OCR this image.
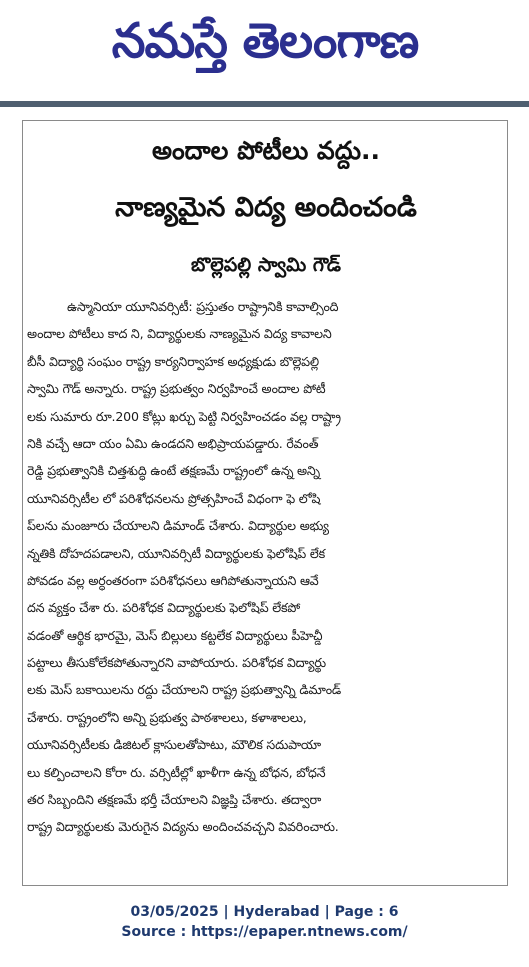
నమస్తే తెలంగాణ
అందాల పోటీలు వద్దు..
నాణ్యమైన విద్య అందించండి
బొల్లెపల్లి స్వామి గౌడ్
ఉస్మానియా యూనివర్సిటీ: ప్రస్తుతం రాష్ట్రానికి కావాల్సింది
అందాల పోటీలు కాద ని, విద్యార్థులకు నాణ్యమైన విద్య కావాలని
బీసీ విద్యార్థి సంఘం రాష్ట్ర కార్యనిర్వాహక అధ్యక్షుడు బొల్లెపల్లి
స్వామి గౌడ్ అన్నారు. రాష్ట్ర ప్రభుత్వం నిర్వహించే అందాల పోటీ
లకు సుమారు రూ.200 కోట్లు ఖర్చు పెట్టి నిర్వహించడం వల్ల రాష్ట్రా
నికి వచ్చే ఆదా యం ఏమి ఉండదని అభిప్రాయపడ్డారు. రేవంత్
రెడ్డి ప్రభుత్వానికి చిత్తశుద్ధి ఉంటే తక్షణమే రాష్ట్రంలో ఉన్న అన్ని
యూనివర్సిటీల లో పరిశోధనలను ప్రోత్సహించే విధంగా ఫె లోషి
ప్‌లను మంజూరు చేయాలని డిమాండ్ చేశారు. విద్యార్థుల అభ్యు
న్నతికి దోహదపడాలని, యూనివర్సిటీ విద్యార్థులకు ఫెలోషిప్ లేక
పోవడం వల్ల అర్ధంతరంగా పరిశోధనలు ఆగిపోతున్నాయని ఆవే
దన వ్యక్తం చేశా రు. పరిశోధక విద్యార్థులకు ఫెలోషిప్ లేకపో
వడంతో ఆర్థిక భారమై, మెస్ బిల్లులు కట్టలేక విద్యార్థులు పీహెచ్డీ
పట్టాలు తీసుకోలేకపోతున్నారని వాపోయారు. పరిశోధక విద్యార్థు
లకు మెస్ బకాయిలను రద్దు చేయాలని రాష్ట్ర ప్రభుత్వాన్ని డిమాండ్
చేశారు. రాష్ట్రంలోని అన్ని ప్రభుత్వ పాఠశాలలు, కళాశాలలు,
యూనివర్సిటీలకు డిజిటల్ క్లాసులతోపాటు, మౌలిక సదుపాయా
లు కల్పించాలని కోరా రు. వర్సిటీల్లో ఖాళీగా ఉన్న బోధన, బోధనే
తర సిబ్బందిని తక్షణమే భర్తీ చేయాలని విజ్ఞప్తి చేశారు. తద్వారా
రాష్ట్ర విద్యార్థులకు మెరుగైన విద్యను అందించవచ్చని వివరించారు.
03/05/2025 | Hyderabad | Page : 6
Source : https://epaper.ntnews.com/
